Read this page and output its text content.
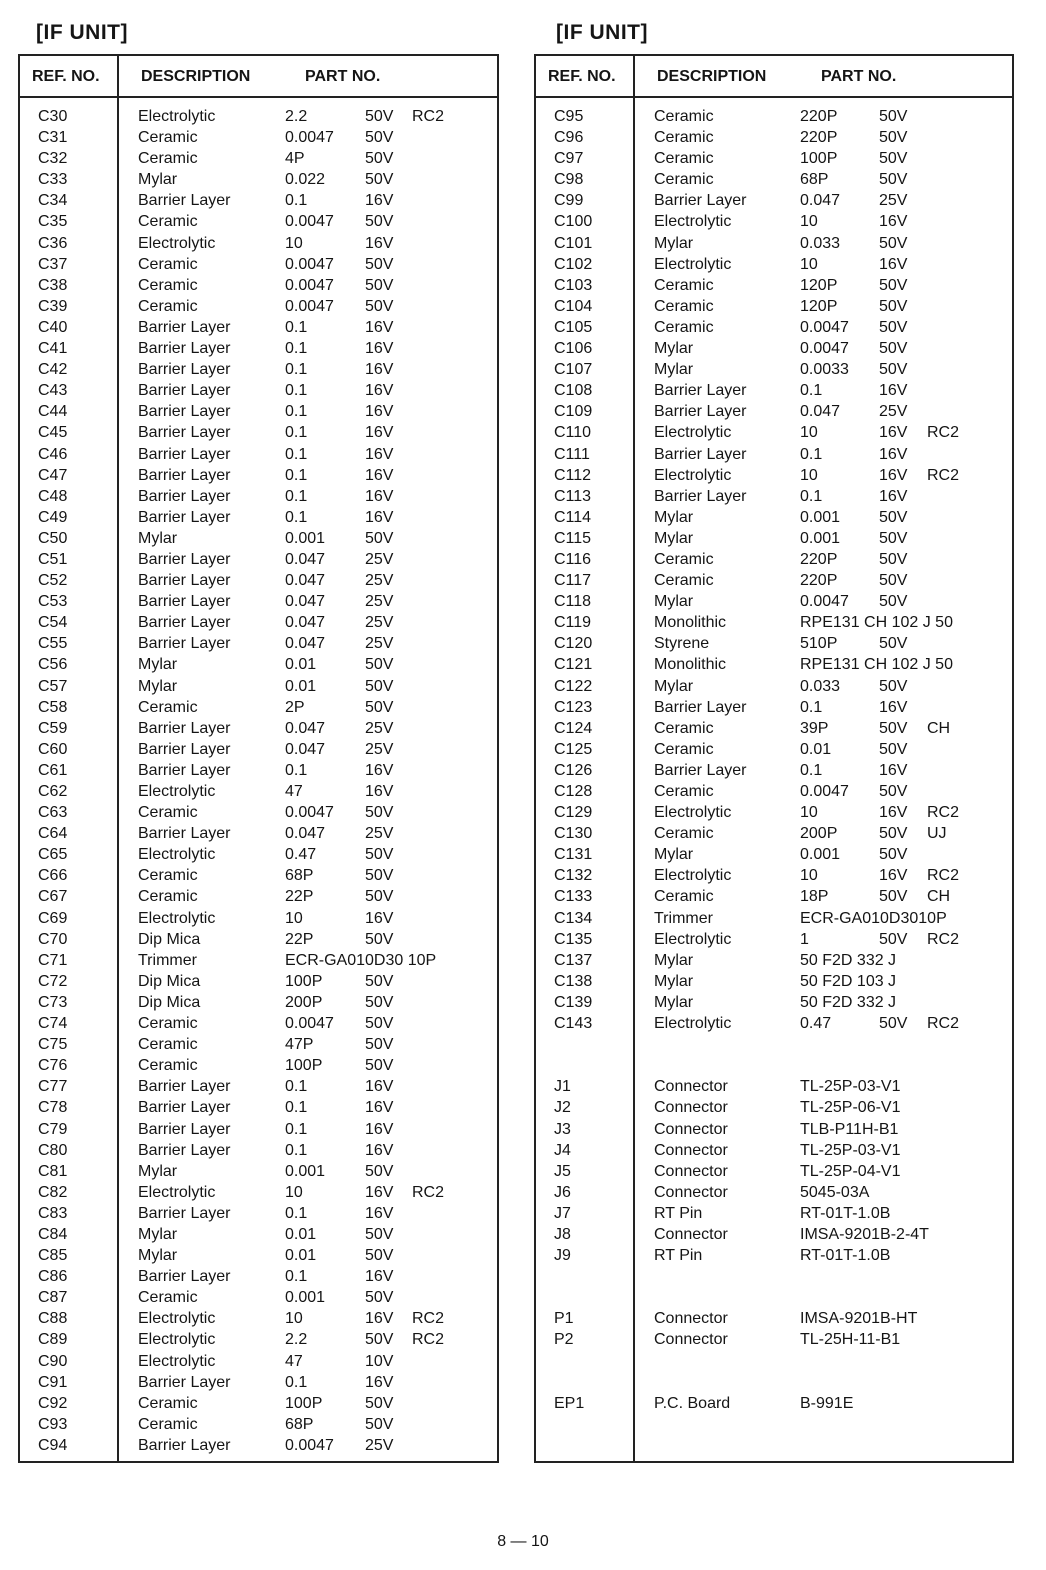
[IF UNIT]	[IF UNIT]
REF. NO.	DESCRIPTION	PART NO.
C30	Electrolytic	2.2	50V RC2
C31	Ceramic	0.0047 50V
C32	Ceramic	4P	50V
C33	Mylar	0.022 50V
C34	Barrier Layer	0.1	16V
C35	Ceramic	0.0047 50V
C36	Electrolytic	10	16V
C37	Ceramic	0.0047 50V
C38	Ceramic	0.0047 50V
C39	Ceramic	0.0047 50V
C40	Barrier Layer	0.1	16V
C41	Barrier Layer	0.1	16V
C42	Barrier Layer	0.1	16V
C43	Barrier Layer	0.1	16V
C44	Barrier Layer	0.1	16V
C45	Barrier Layer	0.1	16V
C46	Barrier Layer	0.1	16V
C47	Barrier Layer	0.1	16V
C48	Barrier Layer	0.1	16V
C49	Barrier Layer	0.1	16V
C50	Mylar	0.001 50V
C51	Barrier Layer	0.047 25V
C52	Barrier Layer	0.047 25V
C53	Barrier Layer	0.047 25V
C54	Barrier Layer	0.047 25V
C55	Barrier Layer	0.047 25V
C56	Mylar	0.01	50V
C57	Mylar	0.01	50V
C58	Ceramic	2P	50V
C59	Barrier Layer	0.047 25V
C60	Barrier Layer	0.047 25V
C61	Barrier Layer	0.1	16V
C62	Electrolytic	47	16V
C63	Ceramic	0.0047 50V
C64	Barrier Layer	0.047 25V
C65	Electrolytic	0.47	50V
C66	Ceramic	68P	50V
C67	Ceramic	22P	50V
C69	Electrolytic	10	16V
C70	Dip Mica	22P	50V
C71	Trimmer	ECR-GA010D30 10P
C72	Dip Mica	100P	50V
C73	Dip Mica	200P	50V
C74	Ceramic	0.0047 50V
C75	Ceramic	47P	50V
C76	Ceramic	100P	50V
C77	Barrier Layer	0.1	16V
C78	Barrier Layer	0.1	16V
C79	Barrier Layer	0.1	16V
C80	Barrier Layer	0.1	16V
C81	Mylar	0.001 50V
C82	Electrolytic	10	16V RC2
C83	Barrier Layer	0.1	16V
C84	Mylar	0.01	50V
C85	Mylar	0.01	50V
C86	Barrier Layer	0.1	16V
C87	Ceramic	0.001 50V
C88	Electrolytic	10	16V RC2
C89	Electrolytic	2.2	50V RC2
C90	Electrolytic	47	10V
C91	Barrier Layer	0.1	16V
C92	Ceramic	100P	50V
C93	Ceramic	68P	50V
C94	Barrier Layer	0.0047 25V
REF. NO.	DESCRIPTION	PART NO.
C95	Ceramic	220P	50V
C96	Ceramic	220P	50V
C97	Ceramic	100P	50V
C98	Ceramic	68P	50V
C99	Barrier Layer	0.047 25V
C100	Electrolytic	10	16V
C101	Mylar	0.033 50V
C102	Electrolytic	10	16V
C103	Ceramic	120P	50V
C104	Ceramic	120P	50V
C105	Ceramic	0.0047 50V
C106	Mylar	0.0047 50V
C107	Mylar	0.0033 50V
C108	Barrier Layer	0.1	16V
C109	Barrier Layer	0.047 25V
C110	Electrolytic	10	16V RC2
C111	Barrier Layer	0.1	16V
C112	Electrolytic	10	16V RC2
C113	Barrier Layer	0.1	16V
C114	Mylar	0.001 50V
C115	Mylar	0.001 50V
C116	Ceramic	220P	50V
C117	Ceramic	220P	50V
C118	Mylar	0.0047 50V
C119	Monolithic	RPE131 CH 102 J 50
C120	Styrene	510P	50V
C121	Monolithic	RPE131 CH 102 J 50
C122	Mylar	0.033 50V
C123	Barrier Layer	0.1	16V
C124	Ceramic	39P	50V CH
C125	Ceramic	0.01	50V
C126	Barrier Layer	0.1	16V
C128	Ceramic	0.0047 50V
C129	Electrolytic	10	16V RC2
C130	Ceramic	200P	50V UJ
C131	Mylar	0.001 50V
C132	Electrolytic	10	16V RC2
C133	Ceramic	18P	50V CH
C134	Trimmer	ECR-GA010D3010P
C135	Electrolytic	1	50V RC2
C137	Mylar	50 F2D 332 J
C138	Mylar	50 F2D 103 J
C139	Mylar	50 F2D 332 J
C143	Electrolytic	0.47	50V RC2
J1	Connector	TL-25P-03-V1
J2	Connector	TL-25P-06-V1
J3	Connector	TLB-P11H-B1
J4	Connector	TL-25P-03-V1
J5	Connector	TL-25P-04-V1
J6	Connector	5045-03A
J7	RT Pin	RT-01T-1.0B
J8	Connector	IMSA-9201B-2-4T
J9	RT Pin	RT-01T-1.0B
P1	Connector	IMSA-9201B-HT
P2	Connector	TL-25H-11-B1
EP1	P.C. Board	B-991E
8 — 10
